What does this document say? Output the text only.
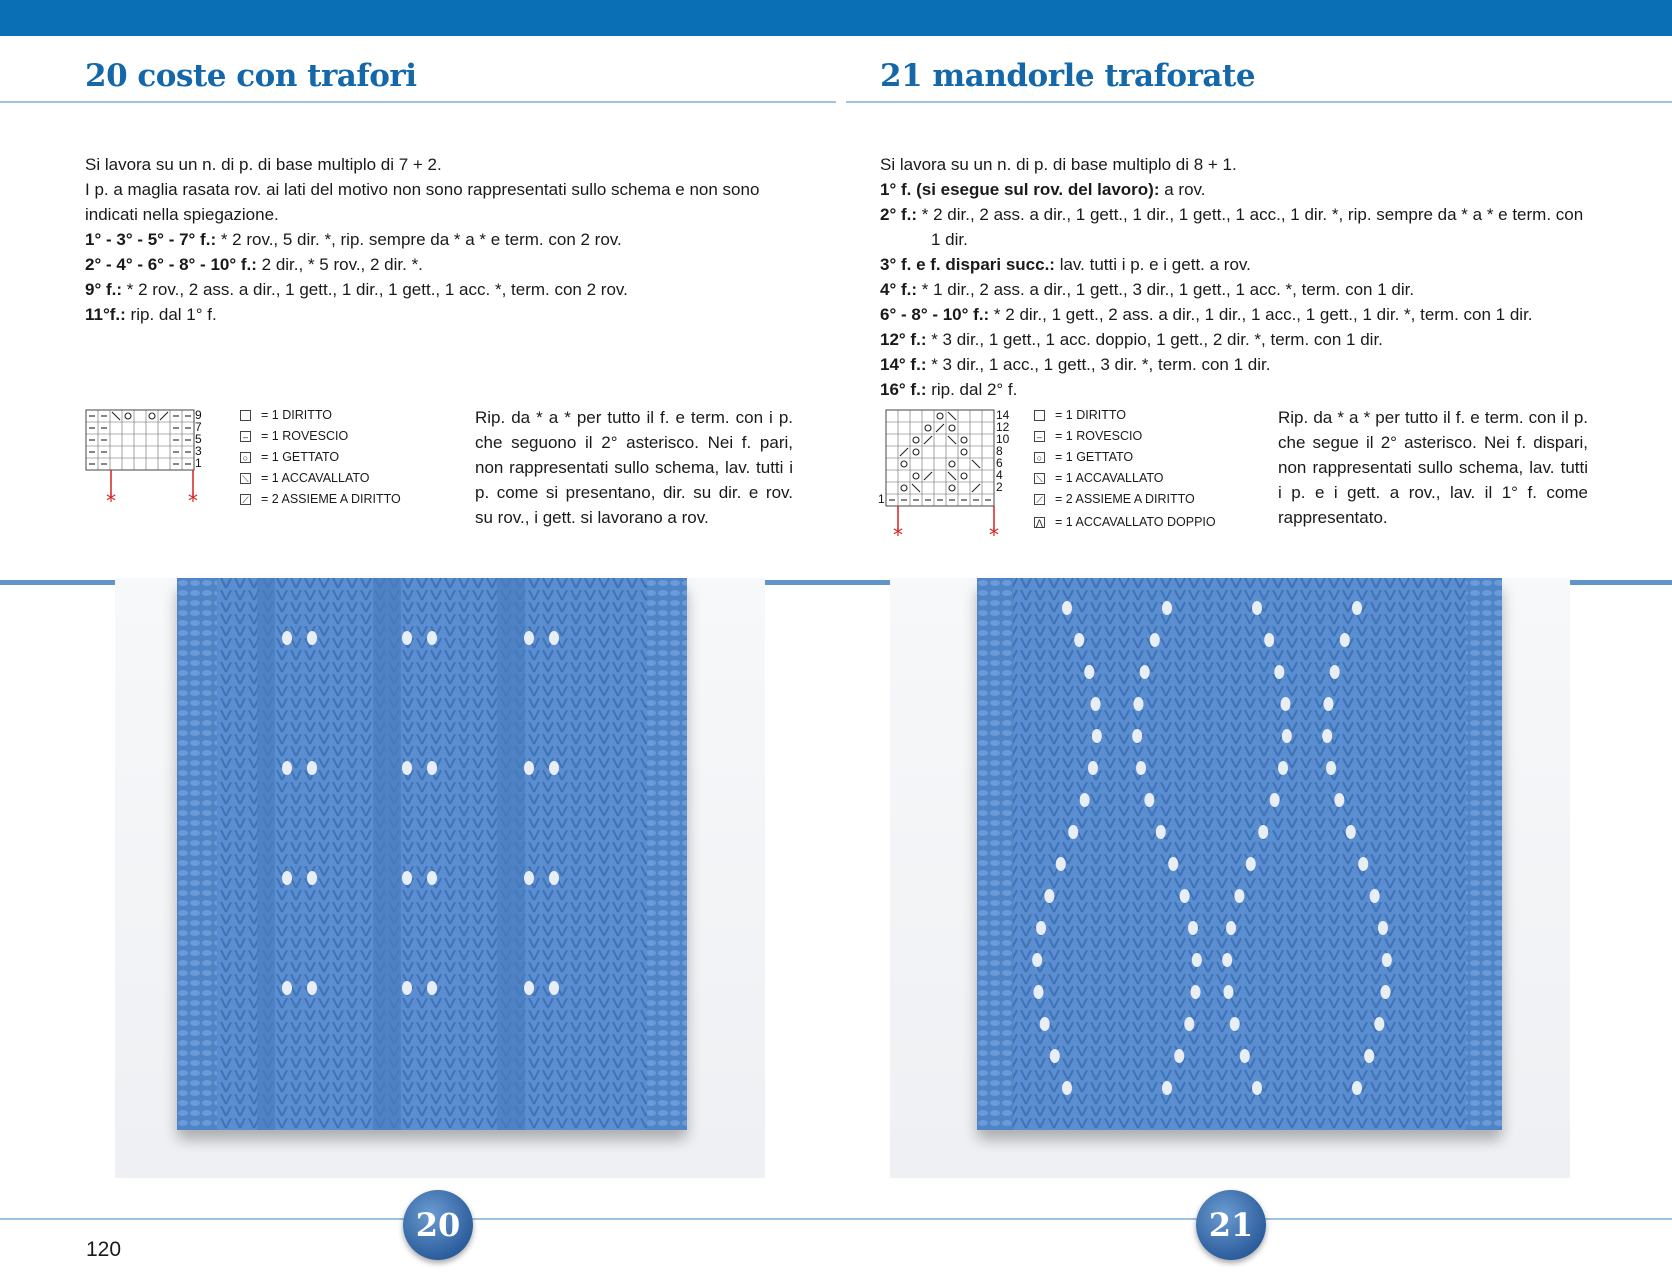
20 coste con trafori

Si lavora su un n. di p. di base multiplo di 7 + 2.

I p. a maglia rasata rov. ai lati del motivo non sono rappresentati sullo schema e non sono indicati nella spiegazione.

1° - 3° - 5° - 7° f.: * 2 rov., 5 dir. *, rip. sempre da * a * e term. con 2 rov.

2° - 4° - 6° - 8° - 10° f.: 2 dir., * 5 rov., 2 dir. *.

9° f.: * 2 rov., 2 ass. a dir., 1 gett., 1 dir., 1 gett., 1 acc. *, term. con 2 rov.

11°f.: rip. dal 1° f.

*	*
9
7
5
3
1
= 1 DIRITTO
– = 1 ROVESCIO
○ = 1 GETTATO
⟍ = 1 ACCAVALLATO
⟋ = 2 ASSIEME A DIRITTO
Rip. da * a * per tutto il f. e term. con i p. che seguono il 2° asterisco. Nei f. pari, non rappresentati sullo schema, lav. tutti i p. come si presentano, dir. su dir. e rov. su rov., i gett. si lavorano a rov.
21 mandorle traforate

Si lavora su un n. di p. di base multiplo di 8 + 1.

1° f. (si esegue sul rov. del lavoro): a rov.

2° f.: * 2 dir., 2 ass. a dir., 1 gett., 1 dir., 1 gett., 1 acc., 1 dir. *, rip. sempre da * a * e term. con 1 dir.

3° f. e f. dispari succ.: lav. tutti i p. e i gett. a rov.

4° f.: * 1 dir., 2 ass. a dir., 1 gett., 3 dir., 1 gett., 1 acc. *, term. con 1 dir.

6° - 8° - 10° f.: * 2 dir., 1 gett., 2 ass. a dir., 1 dir., 1 acc., 1 gett., 1 dir. *, term. con 1 dir.

12° f.: * 3 dir., 1 gett., 1 acc. doppio, 1 gett., 2 dir. *, term. con 1 dir.

14° f.: * 3 dir., 1 acc., 1 gett., 3 dir. *, term. con 1 dir.

16° f.: rip. dal 2° f.

*	*
14
12
10
8
6
4
2
1
= 1 DIRITTO
– = 1 ROVESCIO
○ = 1 GETTATO
⟍ = 1 ACCAVALLATO
⟋ = 2 ASSIEME A DIRITTO
⋀ = 1 ACCAVALLATO DOPPIO
Rip. da * a * per tutto il f. e term. con il p. che segue il 2° asterisco. Nei f. dispari, non rappresentati sullo schema, lav. tutti i p. e i gett. a rov., lav. il 1° f. come rappresentato.
20	21
120
